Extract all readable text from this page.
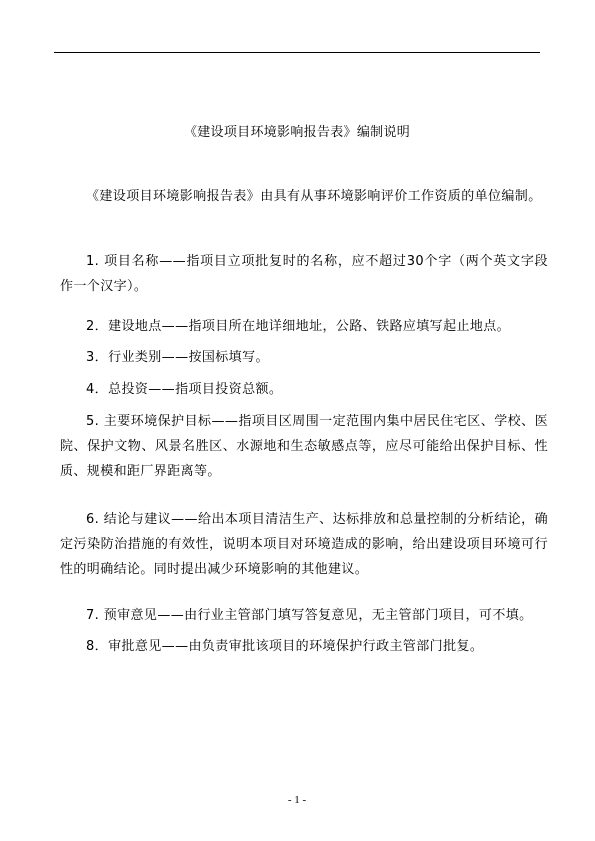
《建设项目环境影响报告表》编制说明

《建设项目环境影响报告表》由具有从事环境影响评价工作资质的单位编制。

1. 项目名称——指项目立项批复时的名称，应不超过30个字（两个英文字段作一个汉字）。

2．建设地点——指项目所在地详细地址，公路、铁路应填写起止地点。

3．行业类别——按国标填写。

4．总投资——指项目投资总额。

5. 主要环境保护目标——指项目区周围一定范围内集中居民住宅区、学校、医院、保护文物、风景名胜区、水源地和生态敏感点等，应尽可能给出保护目标、性质、规模和距厂界距离等。

6. 结论与建议——给出本项目清洁生产、达标排放和总量控制的分析结论，确定污染防治措施的有效性，说明本项目对环境造成的影响，给出建设项目环境可行性的明确结论。同时提出减少环境影响的其他建议。

7. 预审意见——由行业主管部门填写答复意见，无主管部门项目，可不填。

8．审批意见——由负责审批该项目的环境保护行政主管部门批复。

- 1 -
